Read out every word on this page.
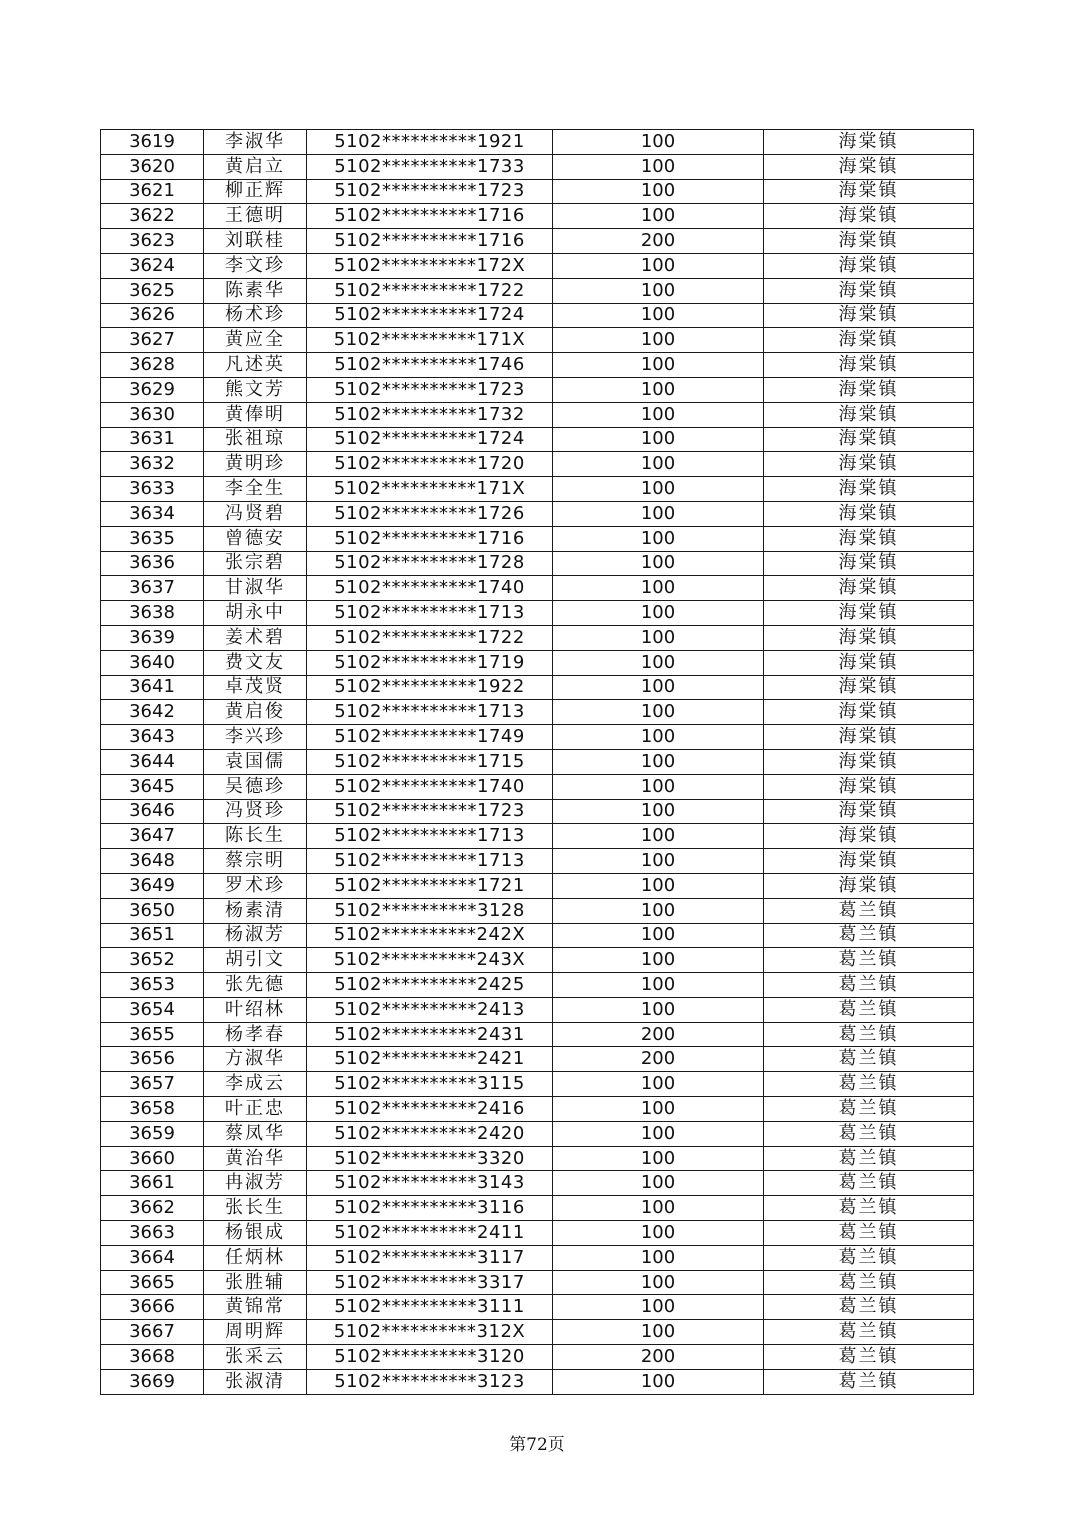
3619	李淑华	5102**********1921	100	海棠镇
3620	黄启立	5102**********1733	100	海棠镇
3621	柳正辉	5102**********1723	100	海棠镇
3622	王德明	5102**********1716	100	海棠镇
3623	刘联桂	5102**********1716	200	海棠镇
3624	李文珍	5102**********172X	100	海棠镇
3625	陈素华	5102**********1722	100	海棠镇
3626	杨术珍	5102**********1724	100	海棠镇
3627	黄应全	5102**********171X	100	海棠镇
3628	凡述英	5102**********1746	100	海棠镇
3629	熊文芳	5102**********1723	100	海棠镇
3630	黄俸明	5102**********1732	100	海棠镇
3631	张祖琼	5102**********1724	100	海棠镇
3632	黄明珍	5102**********1720	100	海棠镇
3633	李全生	5102**********171X	100	海棠镇
3634	冯贤碧	5102**********1726	100	海棠镇
3635	曾德安	5102**********1716	100	海棠镇
3636	张宗碧	5102**********1728	100	海棠镇
3637	甘淑华	5102**********1740	100	海棠镇
3638	胡永中	5102**********1713	100	海棠镇
3639	姜术碧	5102**********1722	100	海棠镇
3640	费文友	5102**********1719	100	海棠镇
3641	卓茂贤	5102**********1922	100	海棠镇
3642	黄启俊	5102**********1713	100	海棠镇
3643	李兴珍	5102**********1749	100	海棠镇
3644	袁国儒	5102**********1715	100	海棠镇
3645	吴德珍	5102**********1740	100	海棠镇
3646	冯贤珍	5102**********1723	100	海棠镇
3647	陈长生	5102**********1713	100	海棠镇
3648	蔡宗明	5102**********1713	100	海棠镇
3649	罗术珍	5102**********1721	100	海棠镇
3650	杨素清	5102**********3128	100	葛兰镇
3651	杨淑芳	5102**********242X	100	葛兰镇
3652	胡引文	5102**********243X	100	葛兰镇
3653	张先德	5102**********2425	100	葛兰镇
3654	叶绍林	5102**********2413	100	葛兰镇
3655	杨孝春	5102**********2431	200	葛兰镇
3656	方淑华	5102**********2421	200	葛兰镇
3657	李成云	5102**********3115	100	葛兰镇
3658	叶正忠	5102**********2416	100	葛兰镇
3659	蔡凤华	5102**********2420	100	葛兰镇
3660	黄治华	5102**********3320	100	葛兰镇
3661	冉淑芳	5102**********3143	100	葛兰镇
3662	张长生	5102**********3116	100	葛兰镇
3663	杨银成	5102**********2411	100	葛兰镇
3664	任炳林	5102**********3117	100	葛兰镇
3665	张胜辅	5102**********3317	100	葛兰镇
3666	黄锦常	5102**********3111	100	葛兰镇
3667	周明辉	5102**********312X	100	葛兰镇
3668	张采云	5102**********3120	200	葛兰镇
3669	张淑清	5102**********3123	100	葛兰镇
第72页
